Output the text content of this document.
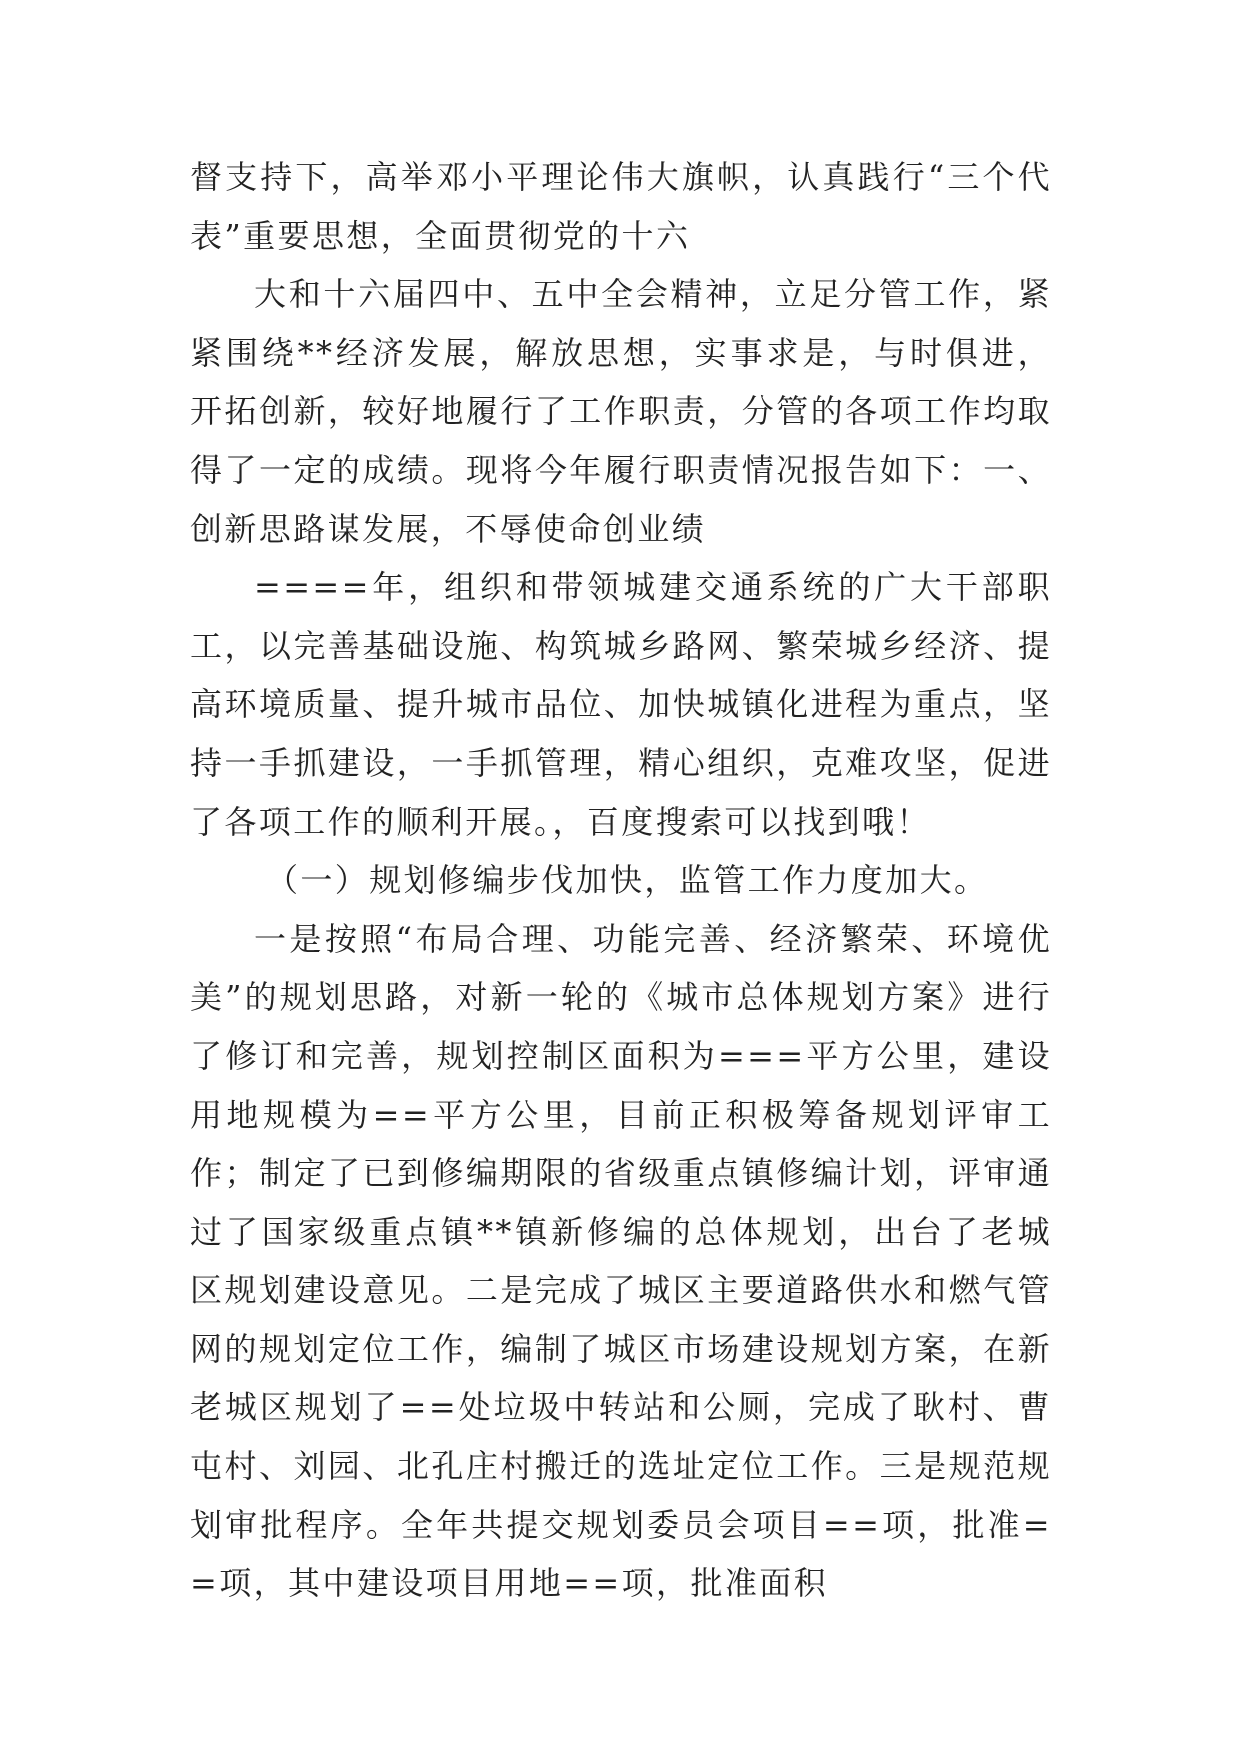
督支持下，高举邓小平理论伟大旗帜，认真践行“三个代表”重要思想，全面贯彻党的十六

大和十六届四中、五中全会精神，立足分管工作，紧紧围绕**经济发展，解放思想，实事求是，与时俱进，开拓创新，较好地履行了工作职责，分管的各项工作均取得了一定的成绩。现将今年履行职责情况报告如下：一、创新思路谋发展，不辱使命创业绩

====年，组织和带领城建交通系统的广大干部职工，以完善基础设施、构筑城乡路网、繁荣城乡经济、提高环境质量、提升城市品位、加快城镇化进程为重点，坚持一手抓建设，一手抓管理，精心组织，克难攻坚，促进了各项工作的顺利开展。，百度搜索可以找到哦！

（一）规划修编步伐加快，监管工作力度加大。

一是按照“布局合理、功能完善、经济繁荣、环境优美”的规划思路，对新一轮的《城市总体规划方案》进行了修订和完善，规划控制区面积为===平方公里，建设用地规模为==平方公里，目前正积极筹备规划评审工作；制定了已到修编期限的省级重点镇修编计划，评审通过了国家级重点镇**镇新修编的总体规划，出台了老城区规划建设意见。二是完成了城区主要道路供水和燃气管网的规划定位工作，编制了城区市场建设规划方案，在新老城区规划了==处垃圾中转站和公厕，完成了耿村、曹屯村、刘园、北孔庄村搬迁的选址定位工作。三是规范规划审批程序。全年共提交规划委员会项目==项，批准==项，其中建设项目用地==项，批准面积
